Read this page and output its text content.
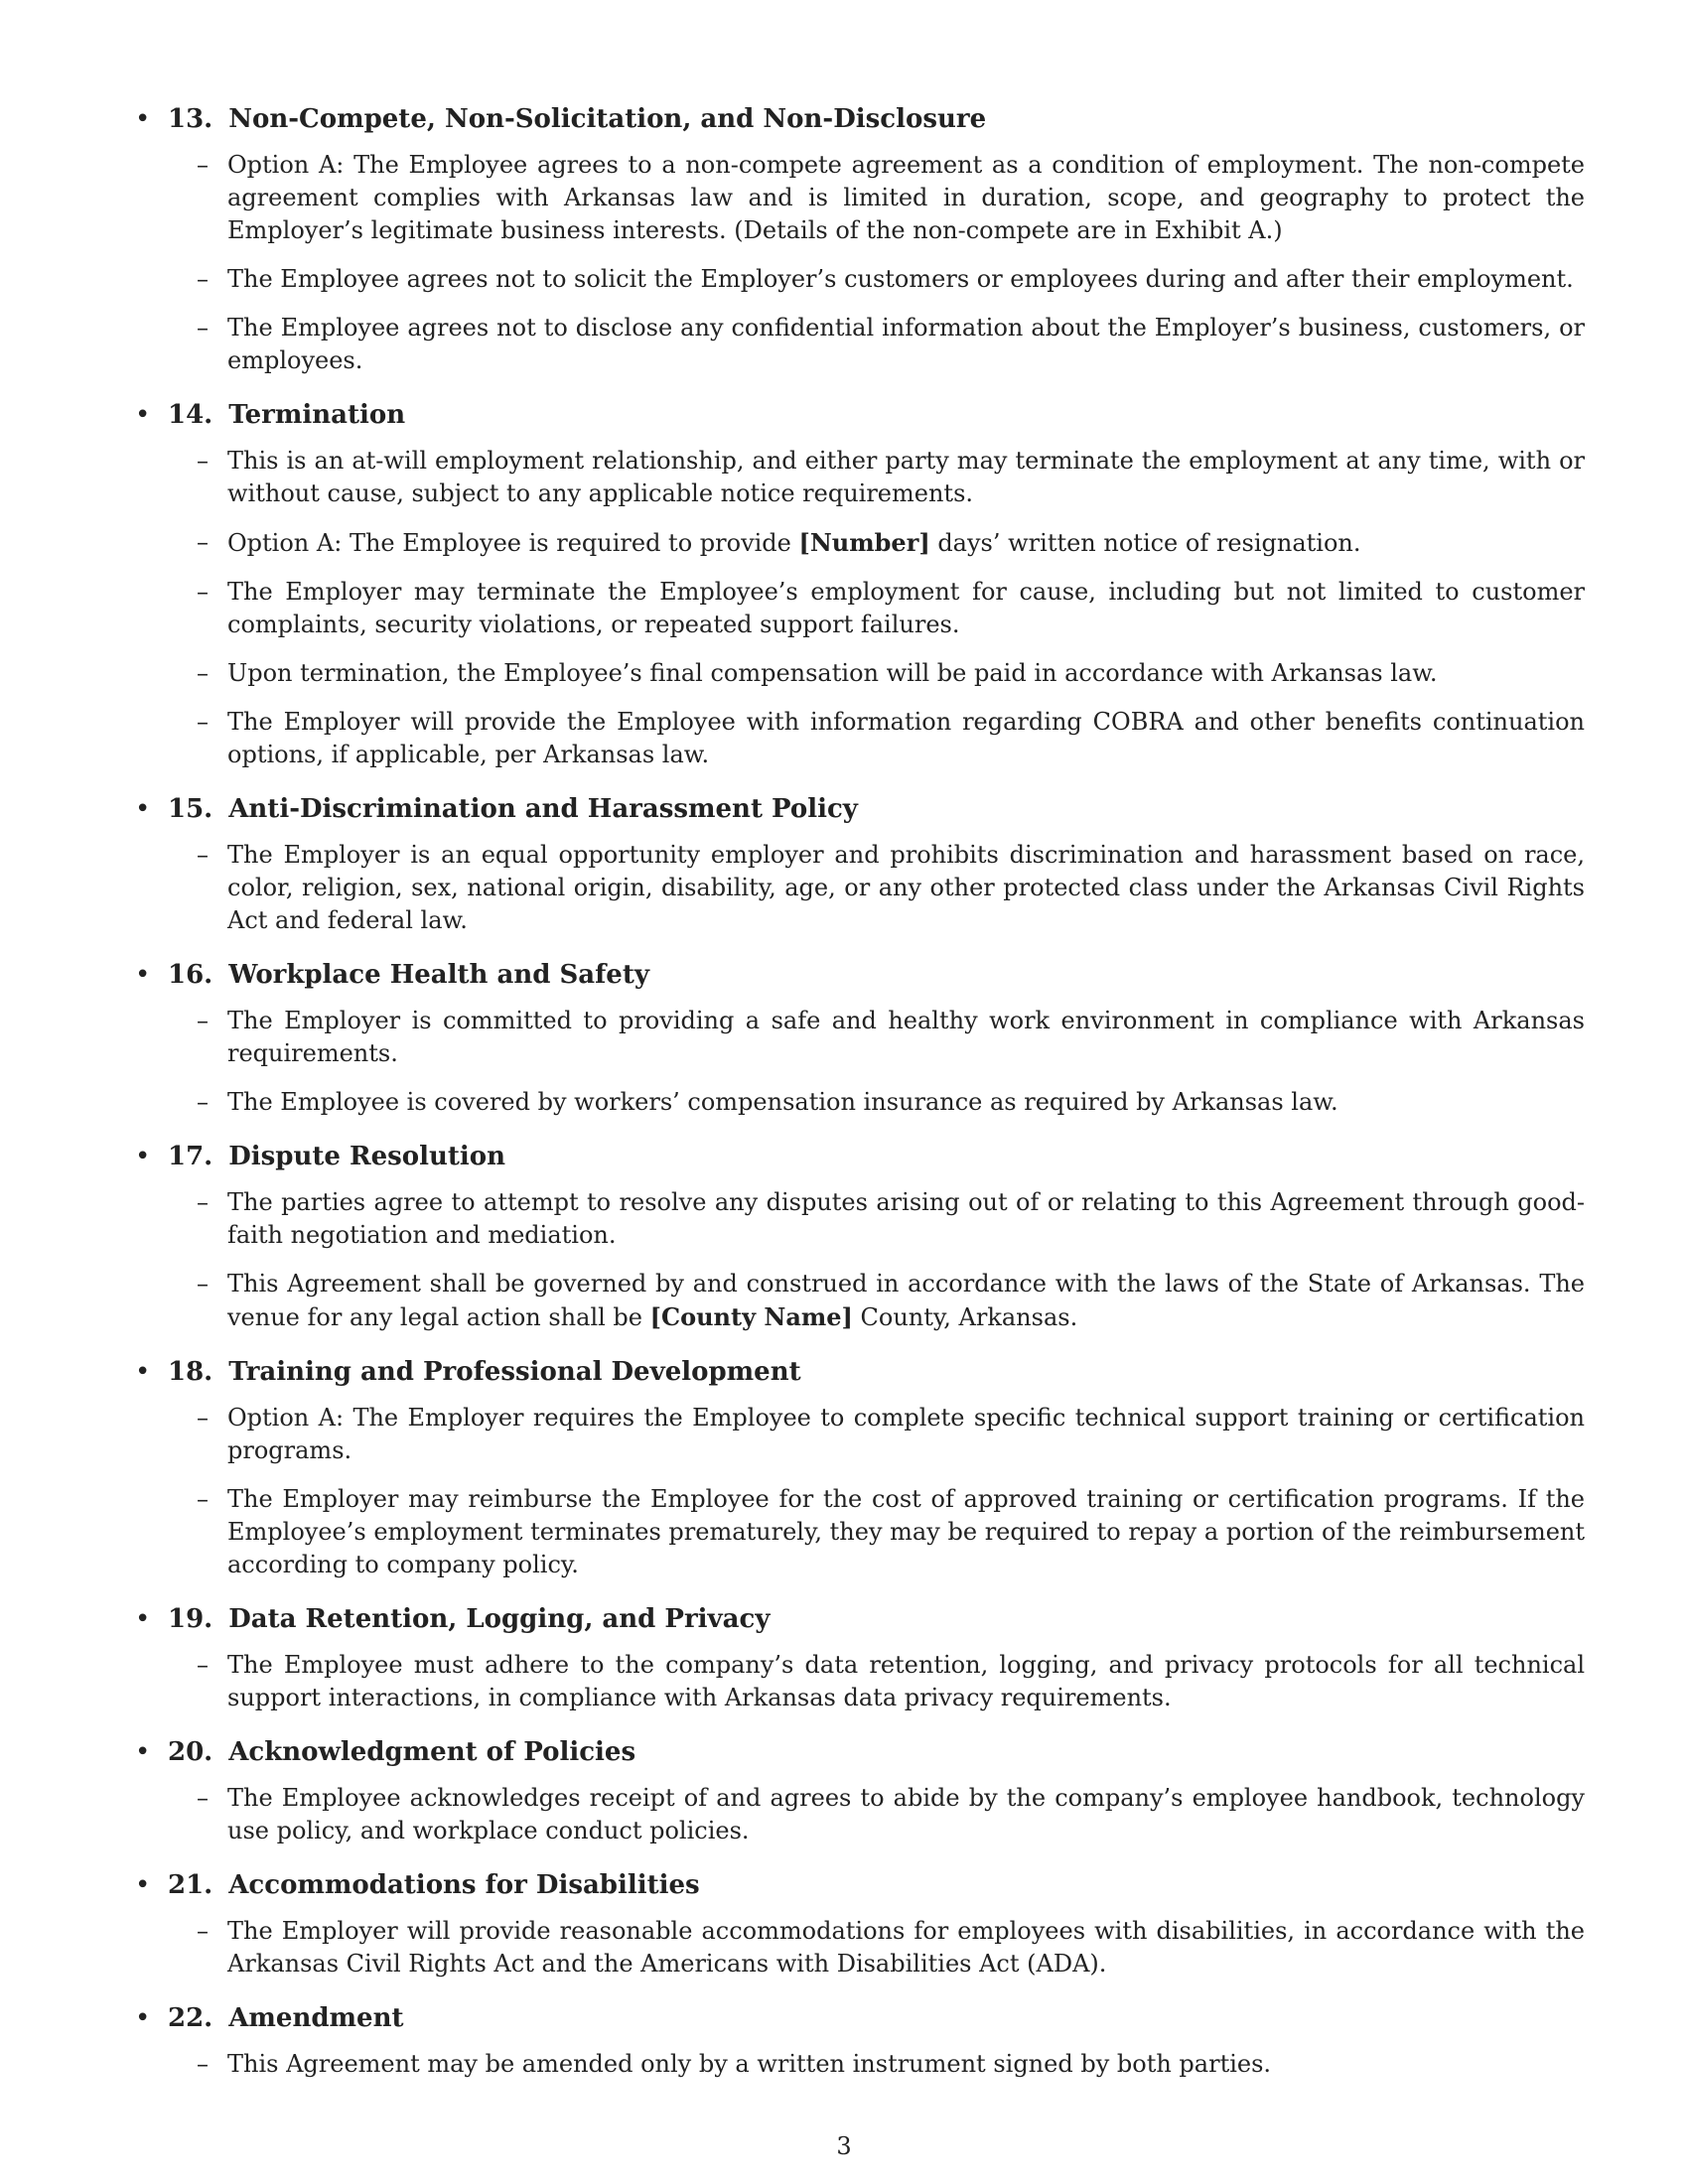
• 13. Non-Compete, Non-Solicitation, and Non-Disclosure
– Option A: The Employee agrees to a non-compete agreement as a condition of employment. The non-compete agreement complies with Arkansas law and is limited in duration, scope, and geography to protect the Employer’s legitimate business interests. (Details of the non-compete are in Exhibit A.)
– The Employee agrees not to solicit the Employer’s customers or employees during and after their employment.
– The Employee agrees not to disclose any confidential information about the Employer’s business, customers, or employees.
• 14. Termination
– This is an at-will employment relationship, and either party may terminate the employment at any time, with or without cause, subject to any applicable notice requirements.
– Option A: The Employee is required to provide [Number] days’ written notice of resignation.
– The Employer may terminate the Employee’s employment for cause, including but not limited to customer complaints, security violations, or repeated support failures.
– Upon termination, the Employee’s final compensation will be paid in accordance with Arkansas law.
– The Employer will provide the Employee with information regarding COBRA and other benefits continuation options, if applicable, per Arkansas law.
• 15. Anti-Discrimination and Harassment Policy
– The Employer is an equal opportunity employer and prohibits discrimination and harassment based on race, color, religion, sex, national origin, disability, age, or any other protected class under the Arkansas Civil Rights Act and federal law.
• 16. Workplace Health and Safety
– The Employer is committed to providing a safe and healthy work environment in compliance with Arkansas requirements.
– The Employee is covered by workers’ compensation insurance as required by Arkansas law.
• 17. Dispute Resolution
– The parties agree to attempt to resolve any disputes arising out of or relating to this Agreement through good-faith negotiation and mediation.
– This Agreement shall be governed by and construed in accordance with the laws of the State of Arkansas. The venue for any legal action shall be [County Name] County, Arkansas.
• 18. Training and Professional Development
– Option A: The Employer requires the Employee to complete specific technical support training or certification programs.
– The Employer may reimburse the Employee for the cost of approved training or certification programs. If the Employee’s employment terminates prematurely, they may be required to repay a portion of the reimbursement according to company policy.
• 19. Data Retention, Logging, and Privacy
– The Employee must adhere to the company’s data retention, logging, and privacy protocols for all technical support interactions, in compliance with Arkansas data privacy requirements.
• 20. Acknowledgment of Policies
– The Employee acknowledges receipt of and agrees to abide by the company’s employee handbook, technology use policy, and workplace conduct policies.
• 21. Accommodations for Disabilities
– The Employer will provide reasonable accommodations for employees with disabilities, in accordance with the Arkansas Civil Rights Act and the Americans with Disabilities Act (ADA).
• 22. Amendment
– This Agreement may be amended only by a written instrument signed by both parties.
3
